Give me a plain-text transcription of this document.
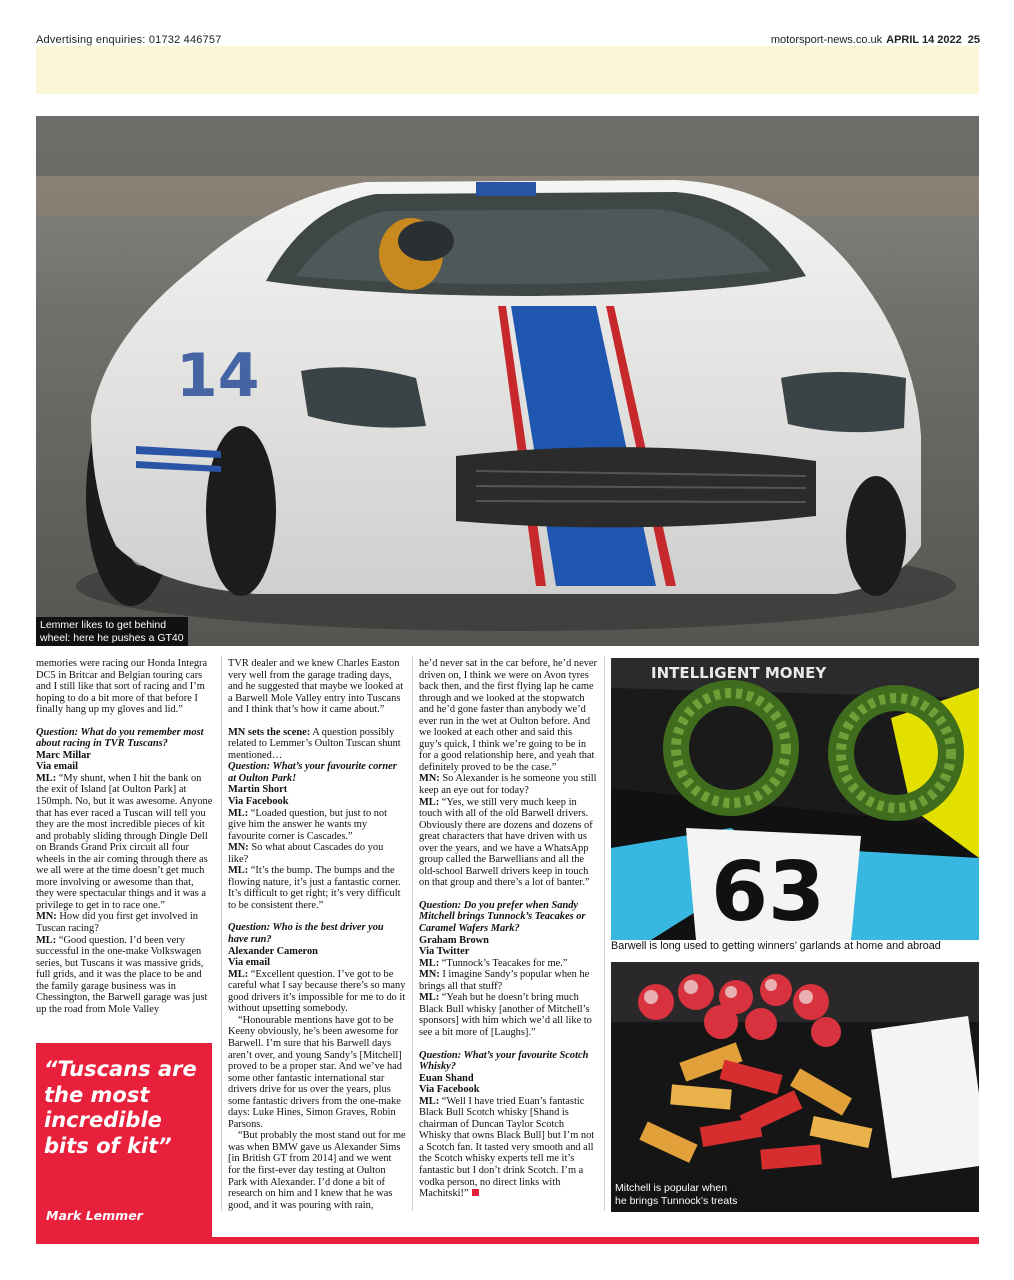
Advertising enquiries: 01732 446757	motorsport-news.co.uk APRIL 14 2022 25
14
Lemmer likes to get behind
wheel: here he pushes a GT40

memories were racing our Honda Integra DC5 in Britcar and Belgian touring cars and I still like that sort of racing and I’m hoping to do a bit more of that before I finally hang up my gloves and lid.”

Question: What do you remember most about racing in TVR Tuscans?

Marc Millar

Via email

ML: “My shunt, when I hit the bank on the exit of Island [at Oulton Park] at 150mph. No, but it was awesome. Anyone that has ever raced a Tuscan will tell you they are the most incredible pieces of kit and probably sliding through Dingle Dell on Brands Grand Prix circuit all four wheels in the air coming through there as we all were at the time doesn’t get much more involving or awesome than that, they were spectacular things and it was a privilege to get in to race one.”

MN: How did you first get involved in Tuscan racing?

ML: “Good question. I’d been very successful in the one-make Volkswagen series, but Tuscans it was massive grids, full grids, and it was the place to be and the family garage business was in Chessington, the Barwell garage was just up the road from Mole Valley

“Tuscans are the most incredible bits of kit”
Mark Lemmer

TVR dealer and we knew Charles Easton very well from the garage trading days, and he suggested that maybe we looked at a Barwell Mole Valley entry into Tuscans and I think that’s how it came about.”

MN sets the scene: A question possibly related to Lemmer’s Oulton Tuscan shunt mentioned…

Question: What’s your favourite corner at Oulton Park!

Martin Short

Via Facebook

ML: “Loaded question, but just to not give him the answer he wants my favourite corner is Cascades.”

MN: So what about Cascades do you like?

ML: “It’s the bump. The bumps and the flowing nature, it’s just a fantastic corner. It’s difficult to get right; it’s very difficult to be consistent there.”

Question: Who is the best driver you have run?

Alexander Cameron

Via email

ML: “Excellent question. I’ve got to be careful what I say because there’s so many good drivers it’s impossible for me to do it without upsetting somebody.

“Honourable mentions have got to be Keeny obviously, he’s been awesome for Barwell. I’m sure that his Barwell days aren’t over, and young Sandy’s [Mitchell] proved to be a proper star. And we’ve had some other fantastic international star drivers drive for us over the years, plus some fantastic drivers from the one-make days: Luke Hines, Simon Graves, Robin Parsons.

“But probably the most stand out for me was when BMW gave us Alexander Sims [in British GT from 2014] and we went for the first-ever day testing at Oulton Park with Alexander. I’d done a bit of research on him and I knew that he was good, and it was pouring with rain,

he’d never sat in the car before, he’d never driven on, I think we were on Avon tyres back then, and the first flying lap he came through and we looked at the stopwatch and he’d gone faster than anybody we’d ever run in the wet at Oulton before. And we looked at each other and said this guy’s quick, I think we’re going to be in for a good relationship here, and yeah that definitely proved to be the case.”

MN: So Alexander is he someone you still keep an eye out for today?

ML: “Yes, we still very much keep in touch with all of the old Barwell drivers. Obviously there are dozens and dozens of great characters that have driven with us over the years, and we have a WhatsApp group called the Barwellians and all the old-school Barwell drivers keep in touch on that group and there’s a lot of banter.”

Question: Do you prefer when Sandy Mitchell brings Tunnock’s Teacakes or Caramel Wafers Mark?

Graham Brown

Via Twitter

ML: “Tunnock’s Teacakes for me.”

MN: I imagine Sandy’s popular when he brings all that stuff?

ML: “Yeah but he doesn’t bring much Black Bull whisky [another of Mitchell’s sponsors] with him which we’d all like to see a bit more of [Laughs].”

Question: What’s your favourite Scotch Whisky?

Euan Shand

Via Facebook

ML: “Well I have tried Euan’s fantastic Black Bull Scotch whisky [Shand is chairman of Duncan Taylor Scotch Whisky that owns Black Bull] but I’m not a Scotch fan. It tasted very smooth and all the Scotch whisky experts tell me it’s fantastic but I don’t drink Scotch. I’m a vodka person, no direct links with Machitski!”

INTELLIGENT MONEY
63
Barwell is long used to getting winners’ garlands at home and abroad
Mitchell is popular when
he brings Tunnock’s treats
